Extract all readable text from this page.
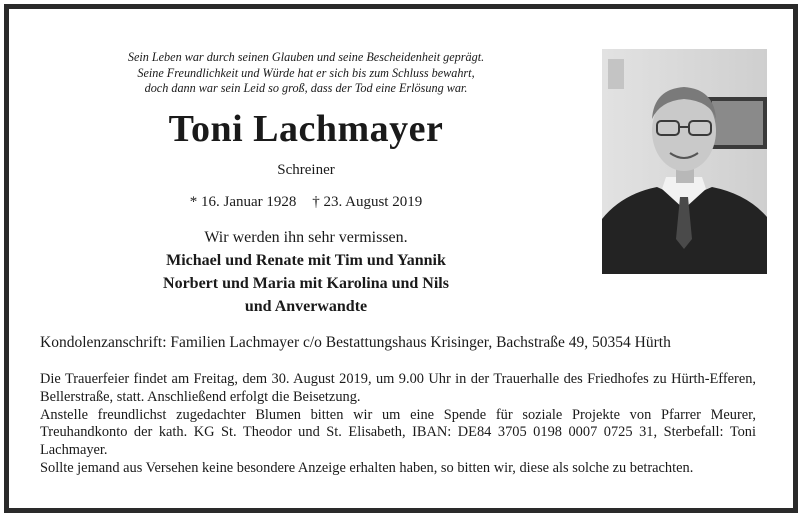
Sein Leben war durch seinen Glauben und seine Bescheidenheit geprägt.
Seine Freundlichkeit und Würde hat er sich bis zum Schluss bewahrt,
doch dann war sein Leid so groß, dass der Tod eine Erlösung war.
Toni Lachmayer
Schreiner
* 16. Januar 1928 † 23. August 2019
Wir werden ihn sehr vermissen.
Michael und Renate mit Tim und Yannik
Norbert und Maria mit Karolina und Nils
und Anverwandte
Kondolenzanschrift: Familien Lachmayer c/o Bestattungshaus Krisinger, Bachstraße 49, 50354 Hürth

Die Trauerfeier findet am Freitag, dem 30. August 2019, um 9.00 Uhr in der Trauerhalle des Friedhofes zu Hürth-Efferen, Bellerstraße, statt. Anschließend erfolgt die Beisetzung.

Anstelle freundlichst zugedachter Blumen bitten wir um eine Spende für soziale Projekte von Pfarrer Meurer, Treuhandkonto der kath. KG St. Theodor und St. Elisabeth, IBAN: DE84 3705 0198 0007 0725 31, Sterbefall: Toni Lachmayer.

Sollte jemand aus Versehen keine besondere Anzeige erhalten haben, so bitten wir, diese als solche zu betrachten.
